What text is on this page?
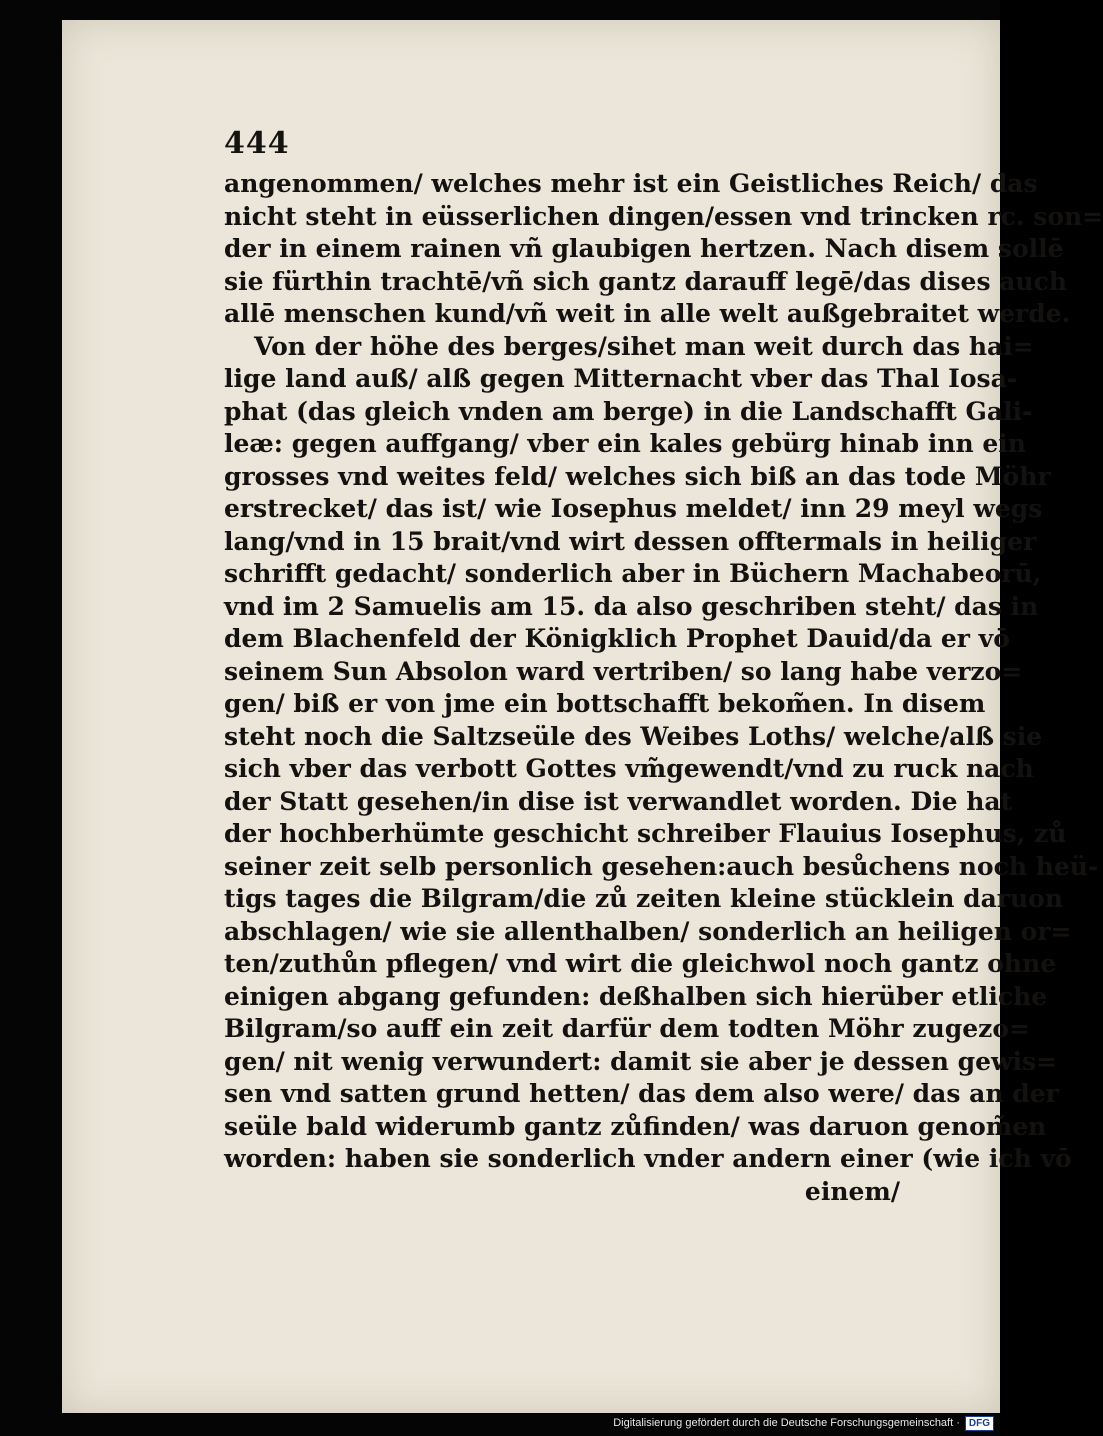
444
angenommen/ welches mehr ist ein Geistliches Reich/ das
nicht steht in eüsserlichen dingen/essen vnd trincken rc. son=
der in einem rainen vñ glaubigen hertzen. Nach disem sollē
sie fürthin trachtē/vñ sich gantz darauff legē/das dises auch
allē menschen kund/vñ weit in alle welt außgebraitet werde.
Von der höhe des berges/sihet man weit durch das hai=
lige land auß/ alß gegen Mitternacht vber das Thal Iosa-
phat (das gleich vnden am berge) in die Landschafft Gali-
leæ: gegen auffgang/ vber ein kales gebürg hinab inn ein
grosses vnd weites feld/ welches sich biß an das tode Möhr
erstrecket/ das ist/ wie Iosephus meldet/ inn 29 meyl wegs
lang/vnd in 15 brait/vnd wirt dessen offtermals in heiliger
schrifft gedacht/ sonderlich aber in Büchern Machabeorū,
vnd im 2 Samuelis am 15. da also geschriben steht/ das in
dem Blachenfeld der Königklich Prophet Dauid/da er vō
seinem Sun Absolon ward vertriben/ so lang habe verzo=
gen/ biß er von jme ein bottschafft bekom̃en. In disem
steht noch die Saltzseüle des Weibes Loths/ welche/alß sie
sich vber das verbott Gottes vm̃gewendt/vnd zu ruck nach
der Statt gesehen/in dise ist verwandlet worden. Die hat
der hochberhümte geschicht schreiber Flauius Iosephus, zů
seiner zeit selb personlich gesehen:auch besůchens noch heü-
tigs tages die Bilgram/die zů zeiten kleine stücklein daruon
abschlagen/ wie sie allenthalben/ sonderlich an heiligen or=
ten/zuthůn pflegen/ vnd wirt die gleichwol noch gantz ohne
einigen abgang gefunden: deßhalben sich hierüber etliche
Bilgram/so auff ein zeit darfür dem todten Möhr zugezo=
gen/ nit wenig verwundert: damit sie aber je dessen gewis=
sen vnd satten grund hetten/ das dem also were/ das an der
seüle bald widerumb gantz zůfinden/ was daruon genom̃en
worden: haben sie sonderlich vnder andern einer (wie ich vō
einem/
Digitalisierung gefördert durch die Deutsche Forschungsgemeinschaft · DFG
